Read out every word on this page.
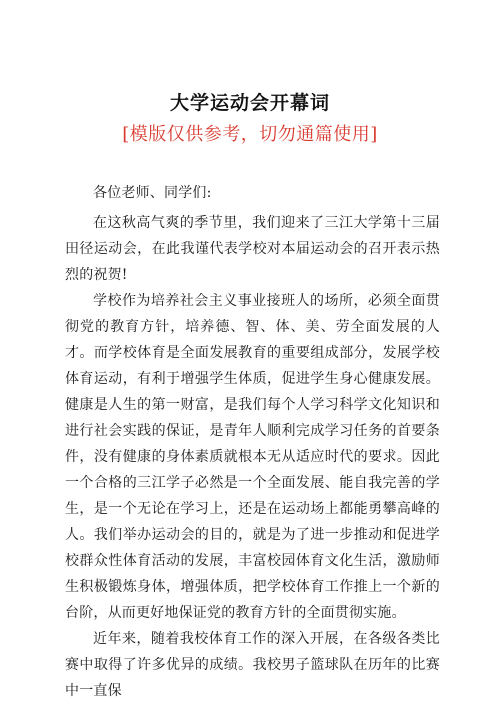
大学运动会开幕词
[模版仅供参考，切勿通篇使用]

各位老师、同学们:

在这秋高气爽的季节里，我们迎来了三江大学第十三届田径运动会，在此我谨代表学校对本届运动会的召开表示热烈的祝贺!

学校作为培养社会主义事业接班人的场所，必须全面贯彻党的教育方针，培养德、智、体、美、劳全面发展的人才。而学校体育是全面发展教育的重要组成部分，发展学校体育运动，有利于增强学生体质，促进学生身心健康发展。健康是人生的第一财富，是我们每个人学习科学文化知识和进行社会实践的保证，是青年人顺利完成学习任务的首要条件，没有健康的身体素质就根本无从适应时代的要求。因此一个合格的三江学子必然是一个全面发展、能自我完善的学生，是一个无论在学习上，还是在运动场上都能勇攀高峰的人。我们举办运动会的目的，就是为了进一步推动和促进学校群众性体育活动的发展，丰富校园体育文化生活，激励师生积极锻炼身体，增强体质，把学校体育工作推上一个新的台阶，从而更好地保证党的教育方针的全面贯彻实施。

近年来，随着我校体育工作的深入开展，在各级各类比赛中取得了许多优异的成绩。我校男子篮球队在历年的比赛中一直保
